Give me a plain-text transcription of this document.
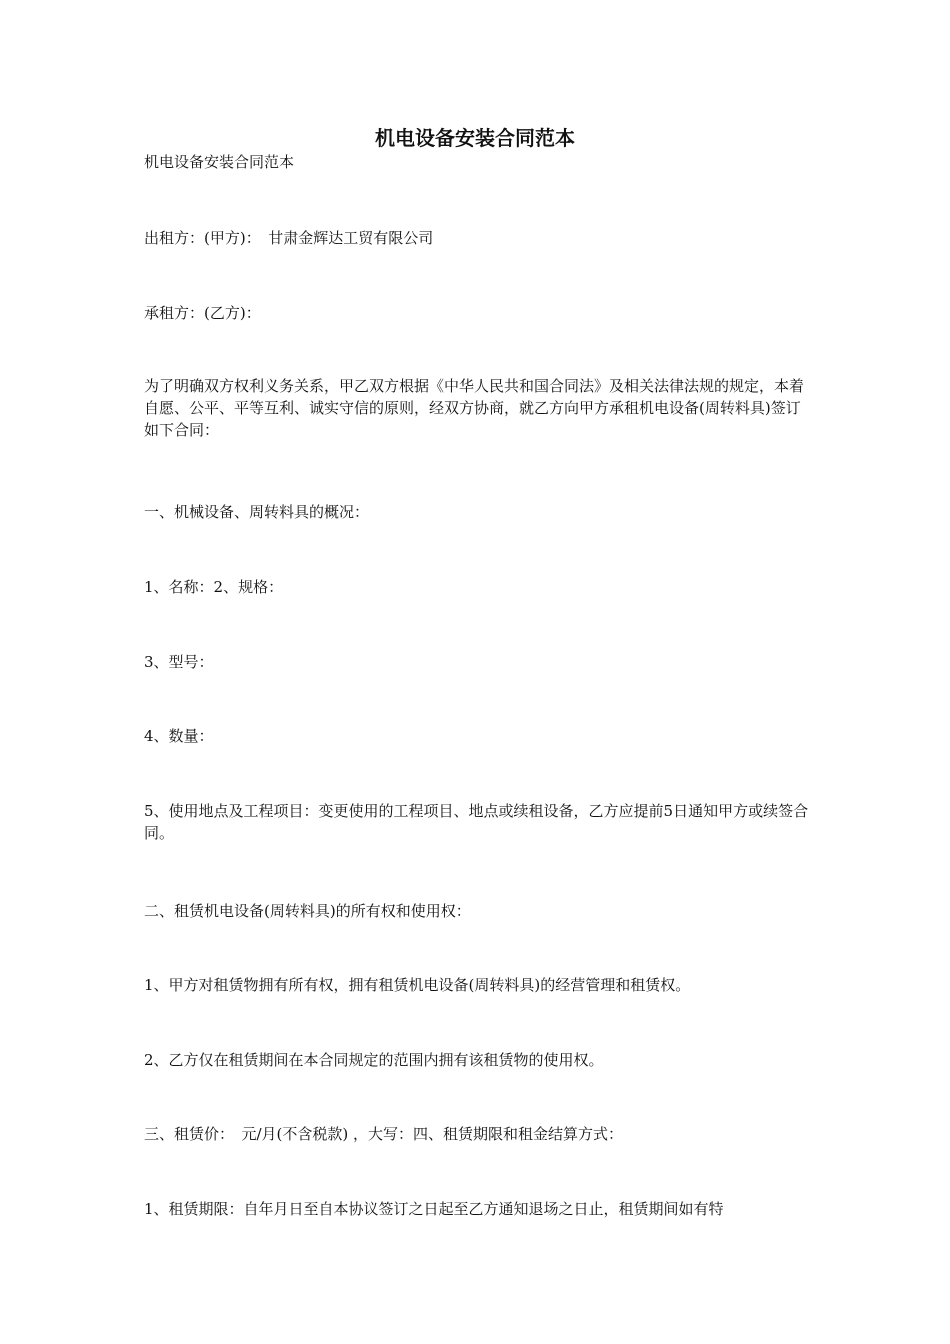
机电设备安装合同范本

机电设备安装合同范本

出租方：(甲方)：　甘肃金辉达工贸有限公司

承租方：(乙方)：

为了明确双方权利义务关系，甲乙双方根据《中华人民共和国合同法》及相关法律法规的规定，本着自愿、公平、平等互利、诚实守信的原则，经双方协商，就乙方向甲方承租机电设备(周转料具)签订如下合同：

一、机械设备、周转料具的概况：

1、名称：2、规格：

3、型号：

4、数量：

5、使用地点及工程项目：变更使用的工程项目、地点或续租设备，乙方应提前5日通知甲方或续签合同。

二、租赁机电设备(周转料具)的所有权和使用权：

1、甲方对租赁物拥有所有权，拥有租赁机电设备(周转料具)的经营管理和租赁权。

2、乙方仅在租赁期间在本合同规定的范围内拥有该租赁物的使用权。

三、租赁价：　元/月(不含税款) ，大写：四、租赁期限和租金结算方式：

1、租赁期限：自年月日至自本协议签订之日起至乙方通知退场之日止，租赁期间如有特
